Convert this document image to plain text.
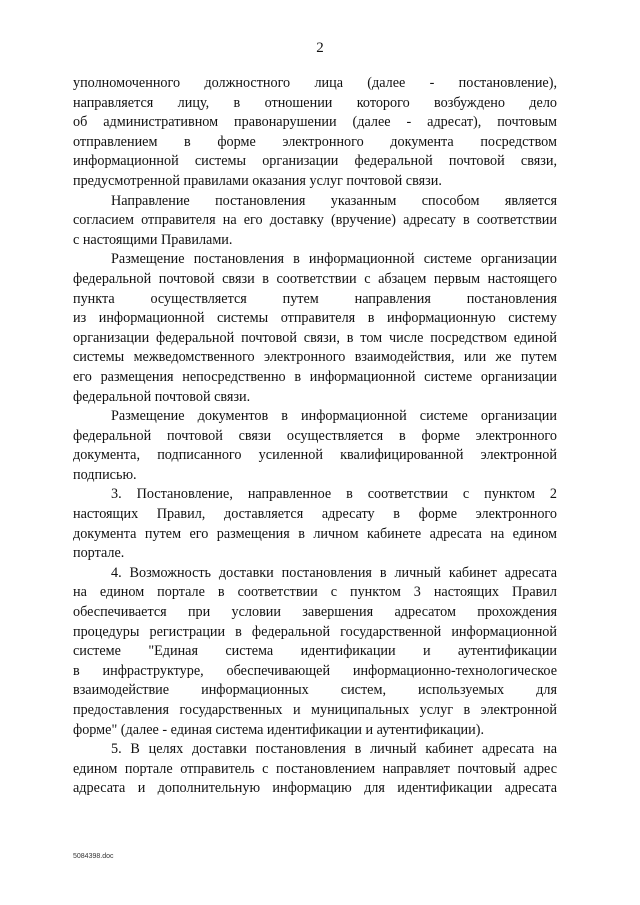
2

уполномоченного должностного лица (далее - постановление),
направляется лицу, в отношении которого возбуждено дело
об административном правонарушении (далее - адресат), почтовым
отправлением в форме электронного документа посредством
информационной системы организации федеральной почтовой связи,
предусмотренной правилами оказания услуг почтовой связи.

Направление постановления указанным способом является
согласием отправителя на его доставку (вручение) адресату в соответствии
с настоящими Правилами.

Размещение постановления в информационной системе организации
федеральной почтовой связи в соответствии с абзацем первым настоящего
пункта осуществляется путем направления постановления
из информационной системы отправителя в информационную систему
организации федеральной почтовой связи, в том числе посредством единой
системы межведомственного электронного взаимодействия, или же путем
его размещения непосредственно в информационной системе организации
федеральной почтовой связи.

Размещение документов в информационной системе организации
федеральной почтовой связи осуществляется в форме электронного
документа, подписанного усиленной квалифицированной электронной
подписью.

3. Постановление, направленное в соответствии с пунктом 2
настоящих Правил, доставляется адресату в форме электронного
документа путем его размещения в личном кабинете адресата на едином
портале.

4. Возможность доставки постановления в личный кабинет адресата
на едином портале в соответствии с пунктом 3 настоящих Правил
обеспечивается при условии завершения адресатом прохождения
процедуры регистрации в федеральной государственной информационной
системе "Единая система идентификации и аутентификации
в инфраструктуре, обеспечивающей информационно-технологическое
взаимодействие информационных систем, используемых для
предоставления государственных и муниципальных услуг в электронной
форме" (далее - единая система идентификации и аутентификации).

5. В целях доставки постановления в личный кабинет адресата на
едином портале отправитель с постановлением направляет почтовый адрес
адресата и дополнительную информацию для идентификации адресата

5084398.doc
